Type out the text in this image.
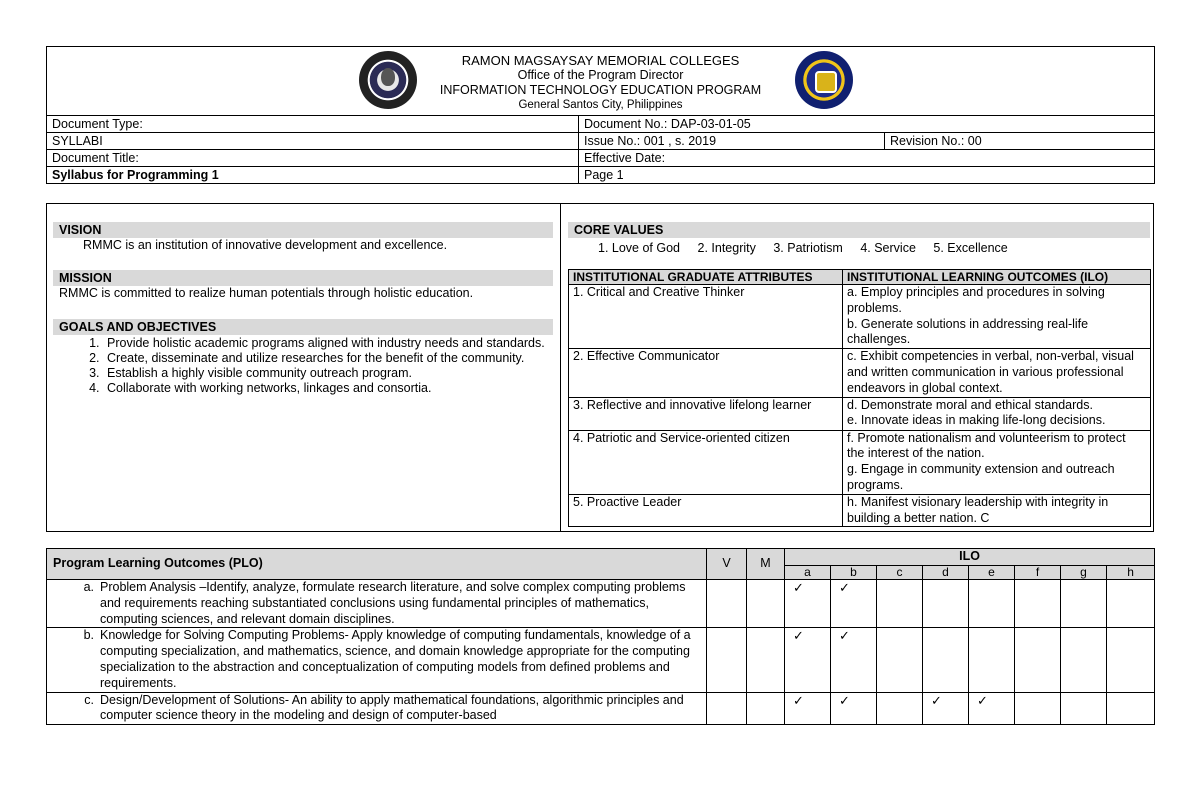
RAMON MAGSAYSAY MEMORIAL COLLEGES
Office of the Program Director
INFORMATION TECHNOLOGY EDUCATION PROGRAM
General Santos City, Philippines		

Document Type:	Document No.: DAP-03-01-05	
SYLLABI	Issue No.: 001 , s. 2019	Revision No.: 00
Document Title:	Effective Date:	
Syllabus for Programming 1	Page 1	
VISION
RMMC is an institution of innovative development and excellence.
MISSION
RMMC is committed to realize human potentials through holistic education.
GOALS AND OBJECTIVES
1. Provide holistic academic programs aligned with industry needs and standards.
2. Create, disseminate and utilize researches for the benefit of the community.
3. Establish a highly visible community outreach program.
4. Collaborate with working networks, linkages and consortia.
CORE VALUES
1. Love of God 2. Integrity 3. Patriotism 4. Service 5. Excellence
INSTITUTIONAL GRADUATE ATTRIBUTES	INSTITUTIONAL LEARNING OUTCOMES (ILO)
1. Critical and Creative Thinker	a. Employ principles and procedures in solving problems.
b. Generate solutions in addressing real-life challenges.

2. Effective Communicator	c. Exhibit competencies in verbal, non-verbal, visual and written communication in various professional endeavors in global context.

3. Reflective and innovative lifelong learner	d. Demonstrate moral and ethical standards.
e. Innovate ideas in making life-long decisions.

4. Patriotic and Service-oriented citizen	f. Promote nationalism and volunteerism to protect the interest of the nation.
g. Engage in community extension and outreach programs.

5. Proactive Leader	h. Manifest visionary leadership with integrity in building a better nation. C
Program Learning Outcomes (PLO)	V	M	ILO							
			a	b	c	d	e	f	g	h

a. Problem Analysis –Identify, analyze, formulate research literature, and solve complex computing problems and requirements reaching substantiated conclusions using fundamental principles of mathematics, computing sciences, and relevant domain disciplines.			✓	✓						

b. Knowledge for Solving Computing Problems- Apply knowledge of computing fundamentals, knowledge of a computing specialization, and mathematics, science, and domain knowledge appropriate for the computing specialization to the abstraction and conceptualization of computing models from defined problems and requirements.			✓	✓						

c. Design/Development of Solutions- An ability to apply mathematical foundations, algorithmic principles and computer science theory in the modeling and design of computer-based			✓	✓		✓	✓			
